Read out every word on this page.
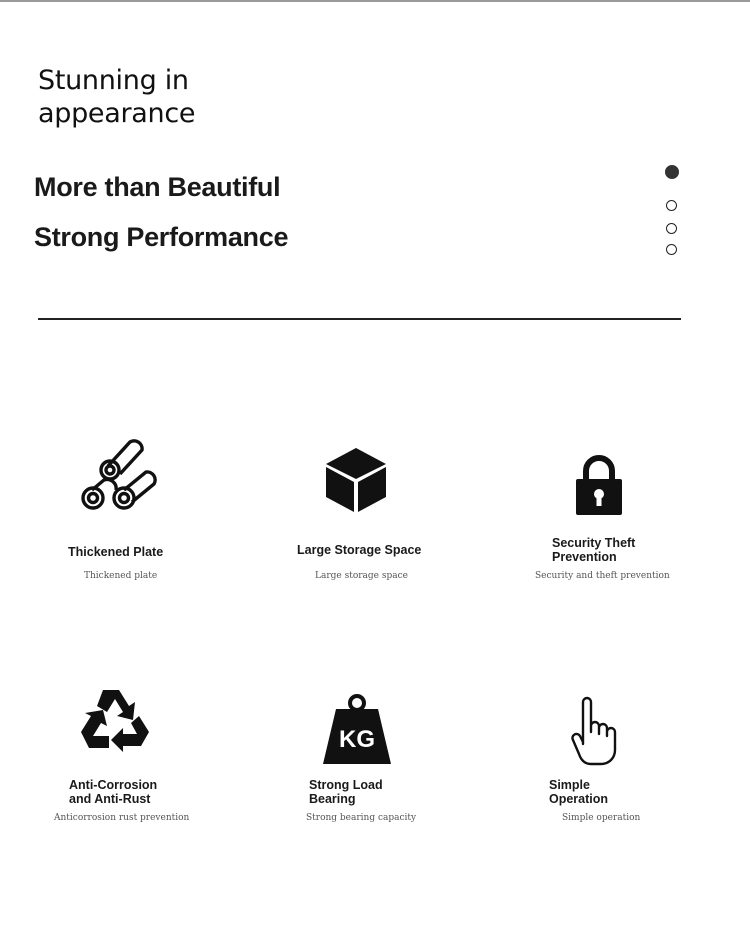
Stunning in
appearance

More than Beautiful

Strong Performance

Thickened Plate

Thickened plate

Large Storage Space

Large storage space

Security Theft
Prevention

Security and theft prevention

Anti-Corrosion
and Anti-Rust

Anticorrosion rust prevention

KG

Strong Load
Bearing

Strong bearing capacity

Simple
Operation

Simple operation
